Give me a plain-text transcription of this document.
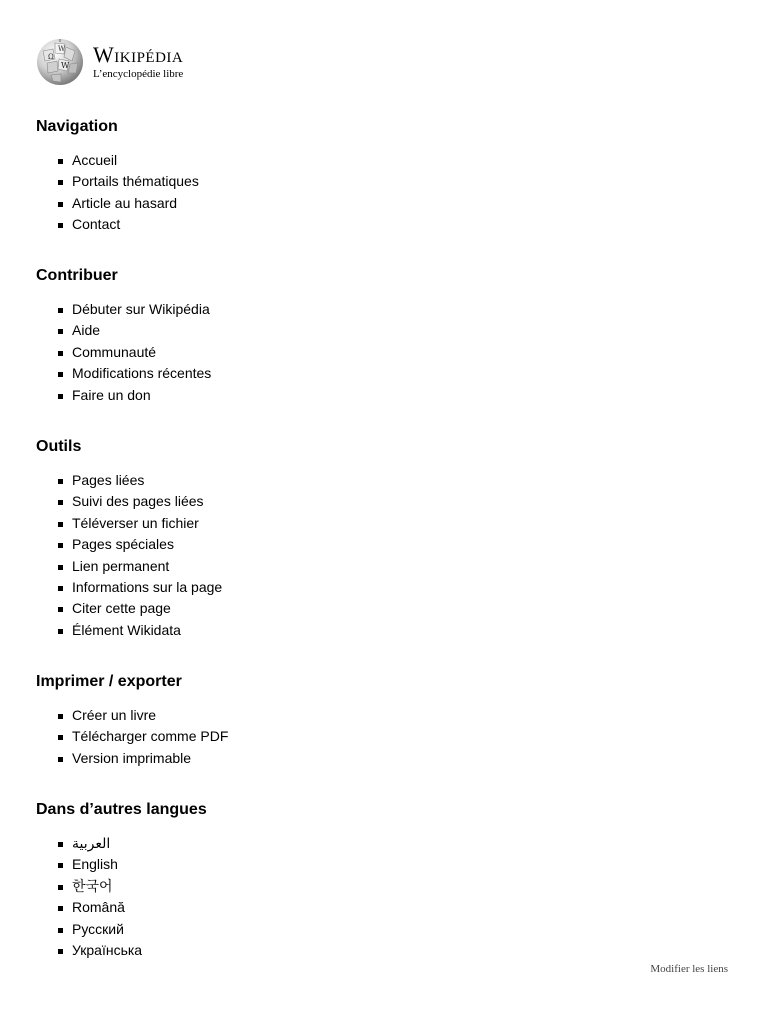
Ω
W
W Wikipédia
L’encyclopédie libre
Navigation
Accueil
Portails thématiques
Article au hasard
Contact
Contribuer
Débuter sur Wikipédia
Aide
Communauté
Modifications récentes
Faire un don
Outils
Pages liées
Suivi des pages liées
Téléverser un fichier
Pages spéciales
Lien permanent
Informations sur la page
Citer cette page
Élément Wikidata
Imprimer / exporter
Créer un livre
Télécharger comme PDF
Version imprimable
Dans d’autres langues
العربية
English
한국어
Română
Русский
Українська
Modifier les liens
